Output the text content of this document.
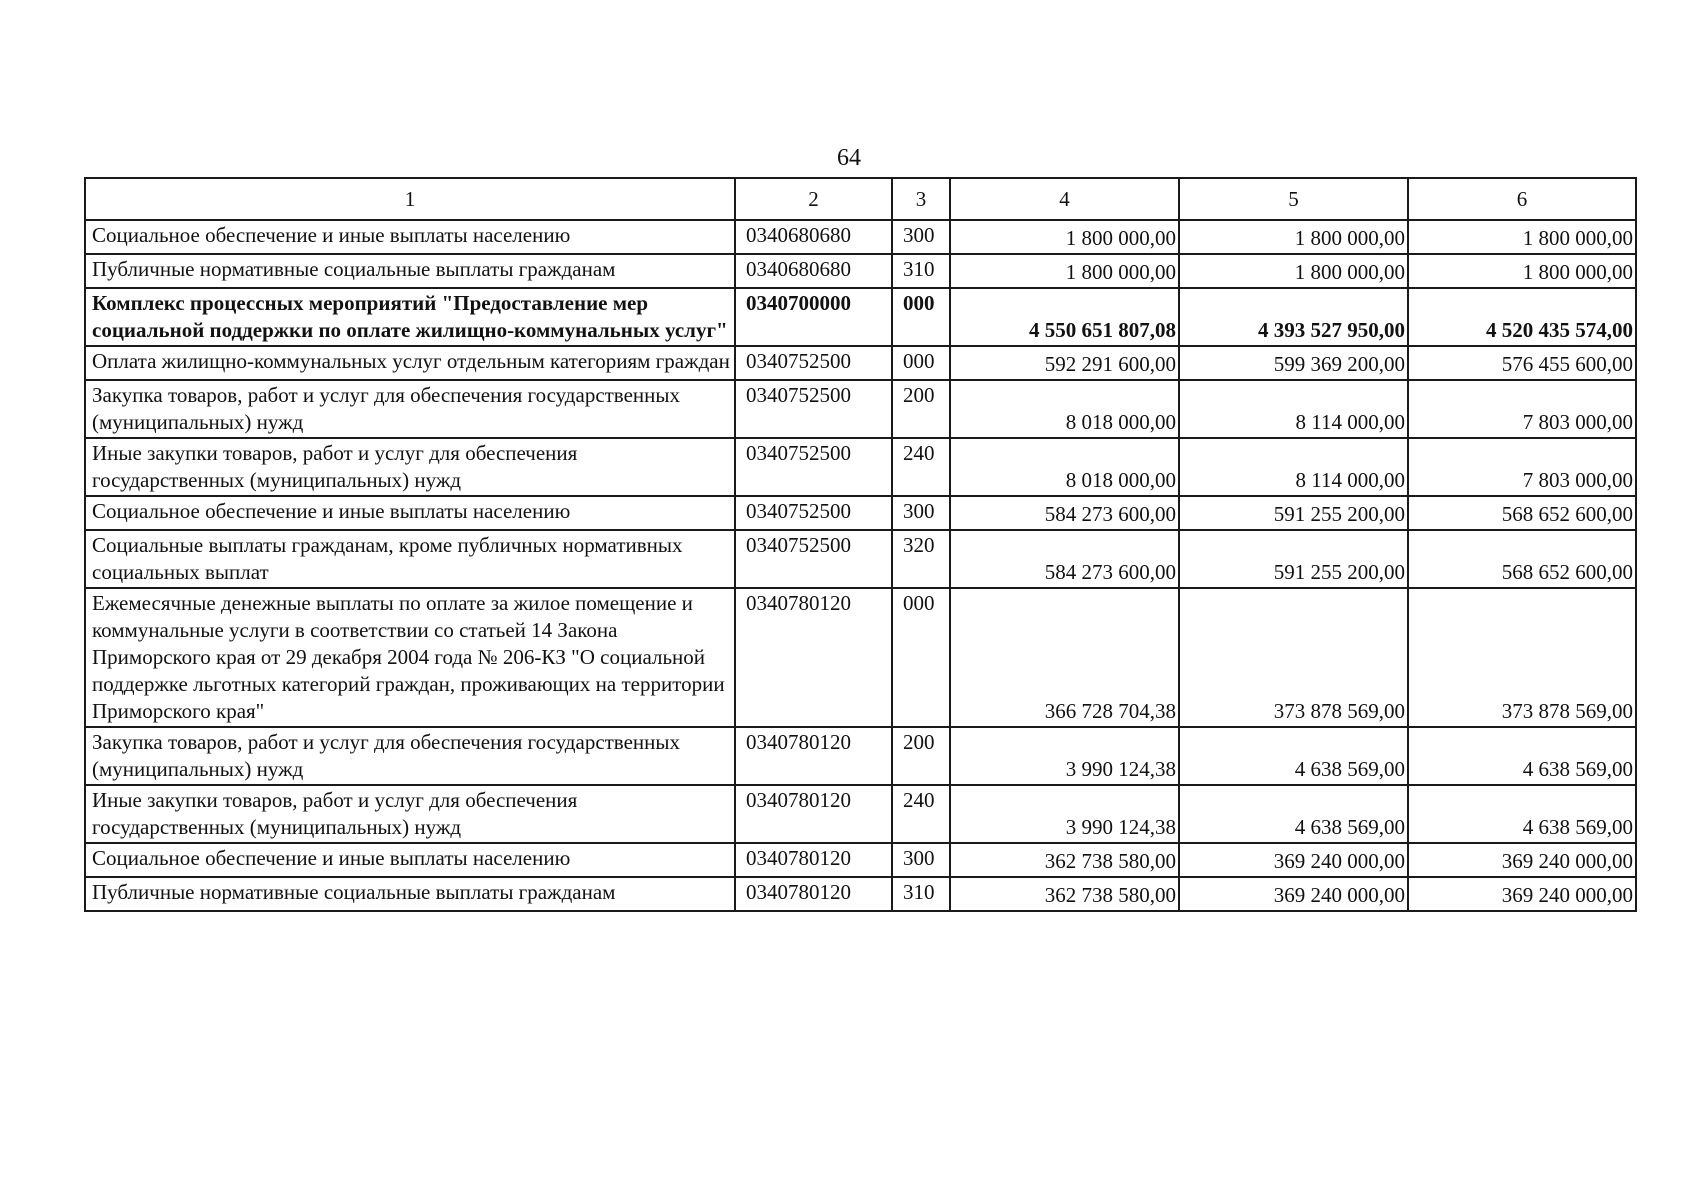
64
1	2	3	4	5	6
Социальное обеспечение и иные выплаты населению	0340680680	300	1 800 000,00	1 800 000,00	1 800 000,00
Публичные нормативные социальные выплаты гражданам	0340680680	310	1 800 000,00	1 800 000,00	1 800 000,00
Комплекс процессных мероприятий "Предоставление мер социальной поддержки по оплате жилищно-коммунальных услуг"	0340700000	000	4 550 651 807,08	4 393 527 950,00	4 520 435 574,00
Оплата жилищно-коммунальных услуг отдельным категориям граждан	0340752500	000	592 291 600,00	599 369 200,00	576 455 600,00
Закупка товаров, работ и услуг для обеспечения государственных (муниципальных) нужд	0340752500	200	8 018 000,00	8 114 000,00	7 803 000,00
Иные закупки товаров, работ и услуг для обеспечения государственных (муниципальных) нужд	0340752500	240	8 018 000,00	8 114 000,00	7 803 000,00
Социальное обеспечение и иные выплаты населению	0340752500	300	584 273 600,00	591 255 200,00	568 652 600,00
Социальные выплаты гражданам, кроме публичных нормативных социальных выплат	0340752500	320	584 273 600,00	591 255 200,00	568 652 600,00
Ежемесячные денежные выплаты по оплате за жилое помещение и коммунальные услуги в соответствии со статьей 14 Закона Приморского края от 29 декабря 2004 года № 206-КЗ "О социальной поддержке льготных категорий граждан, проживающих на территории Приморского края"	0340780120	000	366 728 704,38	373 878 569,00	373 878 569,00
Закупка товаров, работ и услуг для обеспечения государственных (муниципальных) нужд	0340780120	200	3 990 124,38	4 638 569,00	4 638 569,00
Иные закупки товаров, работ и услуг для обеспечения государственных (муниципальных) нужд	0340780120	240	3 990 124,38	4 638 569,00	4 638 569,00
Социальное обеспечение и иные выплаты населению	0340780120	300	362 738 580,00	369 240 000,00	369 240 000,00
Публичные нормативные социальные выплаты гражданам	0340780120	310	362 738 580,00	369 240 000,00	369 240 000,00
